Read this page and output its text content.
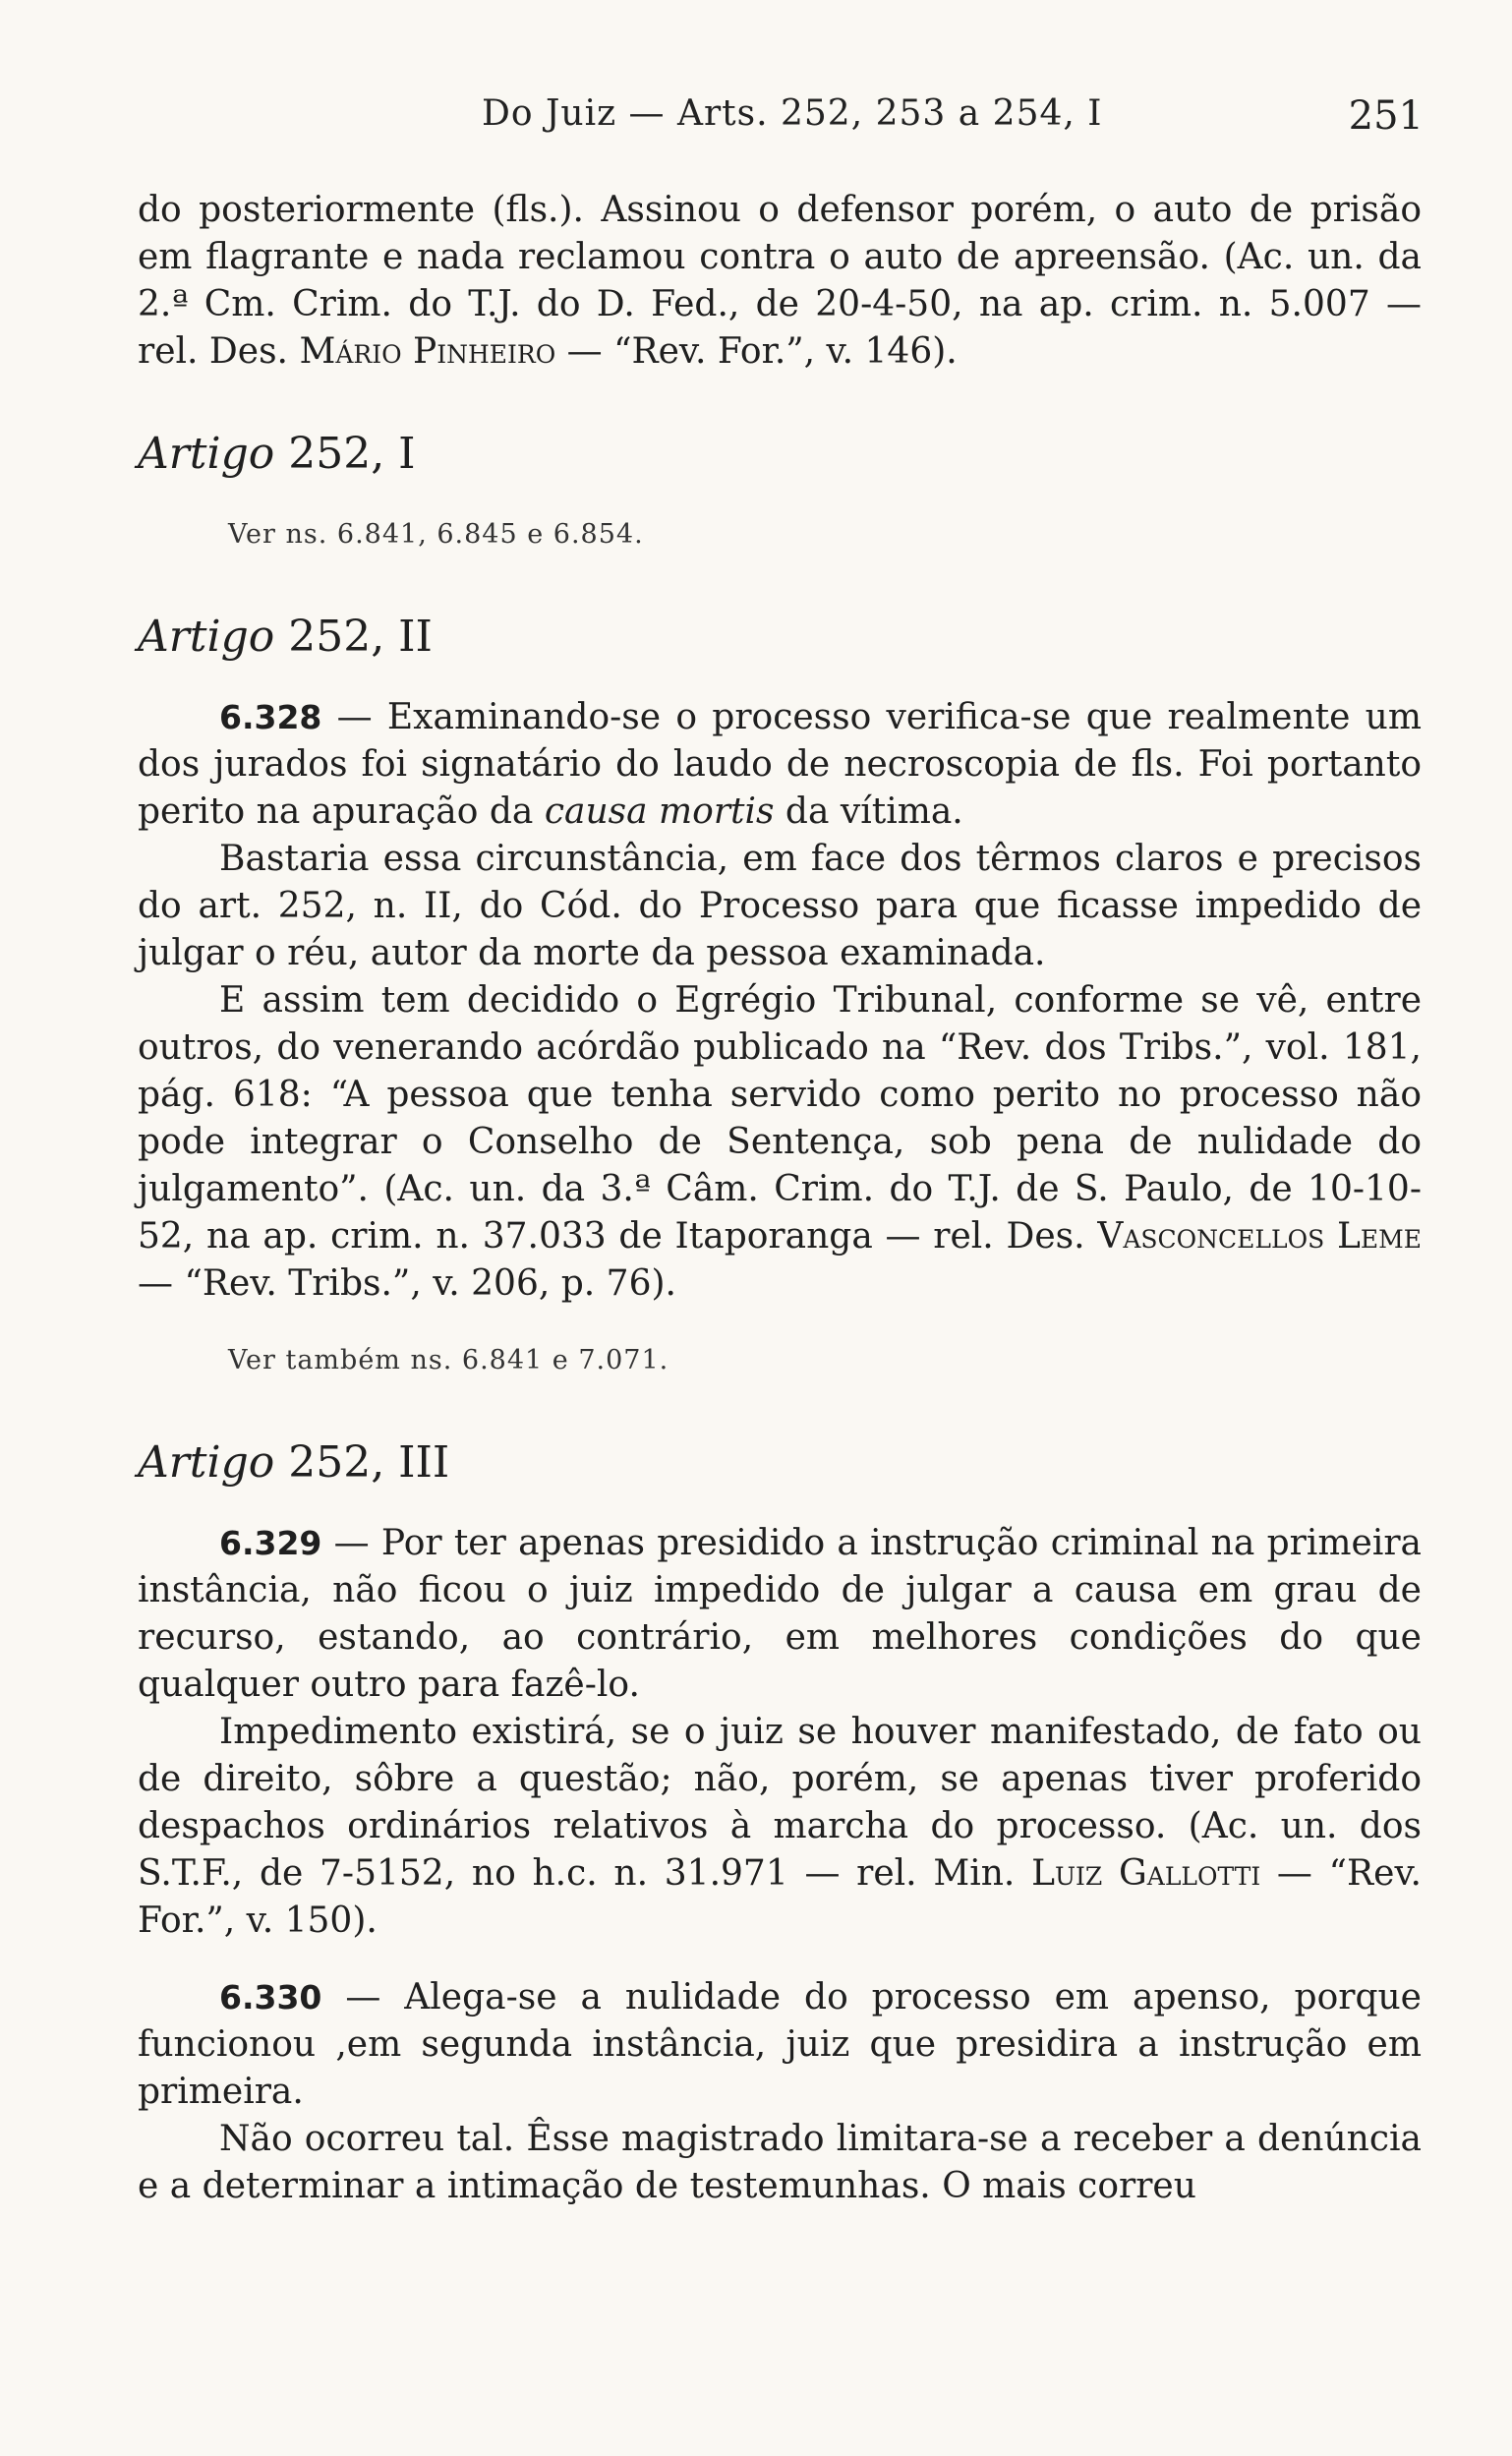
Do Juiz — Arts. 252, 253 a 254, I	251

do posteriormente (fls.). Assinou o defensor porém, o auto de prisão em flagrante e nada reclamou contra o auto de apreensão. (Ac. un. da 2.ª Cm. Crim. do T.J. do D. Fed., de 20-4-50, na ap. crim. n. 5.007 — rel. Des. Mário Pinheiro — “Rev. For.”, v. 146).

Artigo 252, I
Ver ns. 6.841, 6.845 e 6.854.
Artigo 252, II

6.328 — Examinando-se o processo verifica-se que realmente um dos jurados foi signatário do laudo de necroscopia de fls. Foi portanto perito na apuração da causa mortis da vítima.

Bastaria essa circunstância, em face dos têrmos claros e precisos do art. 252, n. II, do Cód. do Processo para que ficasse impedido de julgar o réu, autor da morte da pessoa examinada.

E assim tem decidido o Egrégio Tribunal, conforme se vê, entre outros, do venerando acórdão publicado na “Rev. dos Tribs.”, vol. 181, pág. 618: “A pessoa que tenha servido como perito no processo não pode integrar o Conselho de Sentença, sob pena de nulidade do julgamento”. (Ac. un. da 3.ª Câm. Crim. do T.J. de S. Paulo, de 10-10-52, na ap. crim. n. 37.033 de Itaporanga — rel. Des. Vasconcellos Leme — “Rev. Tribs.”, v. 206, p. 76).

Ver também ns. 6.841 e 7.071.
Artigo 252, III

6.329 — Por ter apenas presidido a instrução criminal na primeira instância, não ficou o juiz impedido de julgar a causa em grau de recurso, estando, ao contrário, em melhores condições do que qualquer outro para fazê-lo.

Impedimento existirá, se o juiz se houver manifestado, de fato ou de direito, sôbre a questão; não, porém, se apenas tiver proferido despachos ordinários relativos à marcha do processo. (Ac. un. dos S.T.F., de 7-5152, no h.c. n. 31.971 — rel. Min. Luiz Gallotti — “Rev. For.”, v. 150).

6.330 — Alega-se a nulidade do processo em apenso, porque funcionou ,em segunda instância, juiz que presidira a instrução em primeira.

Não ocorreu tal. Êsse magistrado limitara-se a receber a denúncia e a determinar a intimação de testemunhas. O mais correu
